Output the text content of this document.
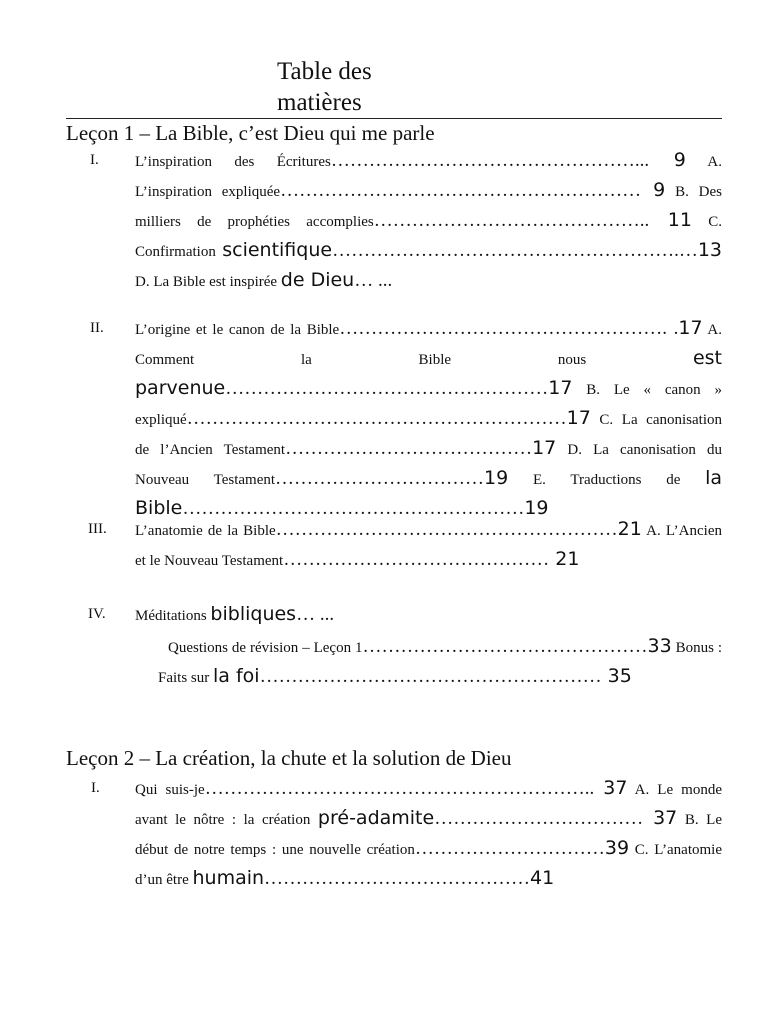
Table des matières
Leçon 1 – La Bible, c’est Dieu qui me parle
I. L’inspiration des Écritures…………………………………………... 9 A. L’inspiration expliquée………………………………………………… 9 B. Des milliers de prophéties accomplies…………………………………….. 11 C. Confirmation scientifique……………………………………………….…13 D. La Bible est inspirée de Dieu… ...
II. L’origine et le canon de la Bible……………………………………………. .17 A. Comment la Bible nous est parvenue……………………………………………17 B. Le « canon » expliqué……………………………………………………17 C. La canonisation de l’Ancien Testament…………………………………17 D. La canonisation du Nouveau Testament……………………………19 E. Traductions de la Bible………………………………………………19
III. L’anatomie de la Bible………………………………………………21 A. L’Ancien et le Nouveau Testament…………………………………… 21
IV. Méditations bibliques… ...
Questions de révision – Leçon 1………………………………………33 Bonus : Faits sur la foi……………………………………………… 35
Leçon 2 – La création, la chute et la solution de Dieu
I. Qui suis-je…………………………………………………….. 37 A. Le monde avant le nôtre : la création pré-adamite…………………………… 37 B. Le début de notre temps : une nouvelle création…………………………39 C. L’anatomie d’un être humain……………………………………41
